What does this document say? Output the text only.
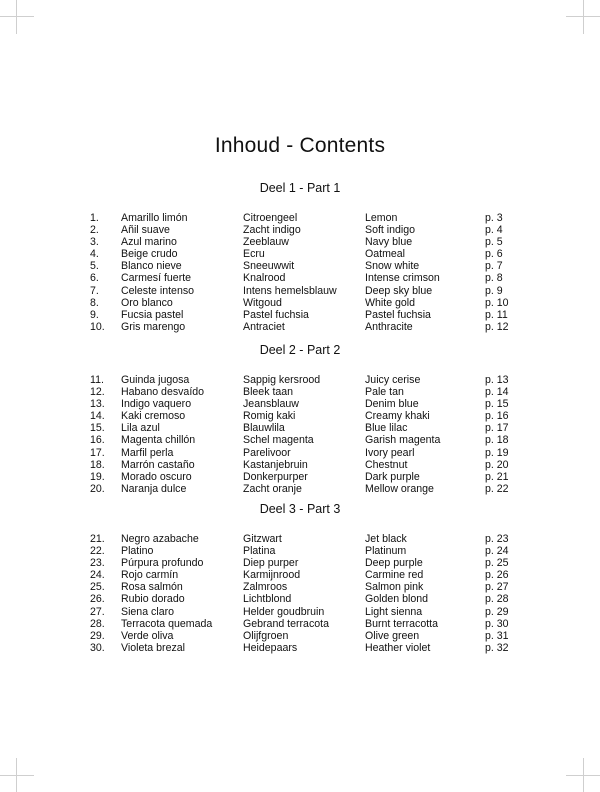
Inhoud - Contents
Deel 1 - Part 1
1. Amarillo limón	Citroengeel	Lemon	p. 3
2. Añil suave	Zacht indigo	Soft indigo	p. 4
3. Azul marino	Zeeblauw	Navy blue	p. 5
4. Beige crudo	Ecru	Oatmeal	p. 6
5. Blanco nieve	Sneeuwwit	Snow white	p. 7
6. Carmesí fuerte	Knalrood	Intense crimson	p. 8
7. Celeste intenso	Intens hemelsblauw	Deep sky blue	p. 9
8. Oro blanco	Witgoud	White gold	p. 10
9. Fucsia pastel	Pastel fuchsia	Pastel fuchsia	p. 11
10. Gris marengo	Antraciet	Anthracite	p. 12
Deel 2 - Part 2
11. Guinda jugosa	Sappig kersrood	Juicy cerise	p. 13
12. Habano desvaído	Bleek taan	Pale tan	p. 14
13. Indigo vaquero	Jeansblauw	Denim blue	p. 15
14. Kaki cremoso	Romig kaki	Creamy khaki	p. 16
15. Lila azul	Blauwlila	Blue lilac	p. 17
16. Magenta chillón	Schel magenta	Garish magenta	p. 18
17. Marfil perla	Parelivoor	Ivory pearl	p. 19
18. Marrón castaño	Kastanjebruin	Chestnut	p. 20
19. Morado oscuro	Donkerpurper	Dark purple	p. 21
20. Naranja dulce	Zacht oranje	Mellow orange	p. 22
Deel 3 - Part 3
21. Negro azabache	Gitzwart	Jet black	p. 23
22. Platino	Platina	Platinum	p. 24
23. Púrpura profundo	Diep purper	Deep purple	p. 25
24. Rojo carmín	Karmijnrood	Carmine red	p. 26
25. Rosa salmón	Zalmroos	Salmon pink	p. 27
26. Rubio dorado	Lichtblond	Golden blond	p. 28
27. Siena claro	Helder goudbruin	Light sienna	p. 29
28. Terracota quemada	Gebrand terracota	Burnt terracotta	p. 30
29. Verde oliva	Olijfgroen	Olive green	p. 31
30. Violeta brezal	Heidepaars	Heather violet	p. 32
